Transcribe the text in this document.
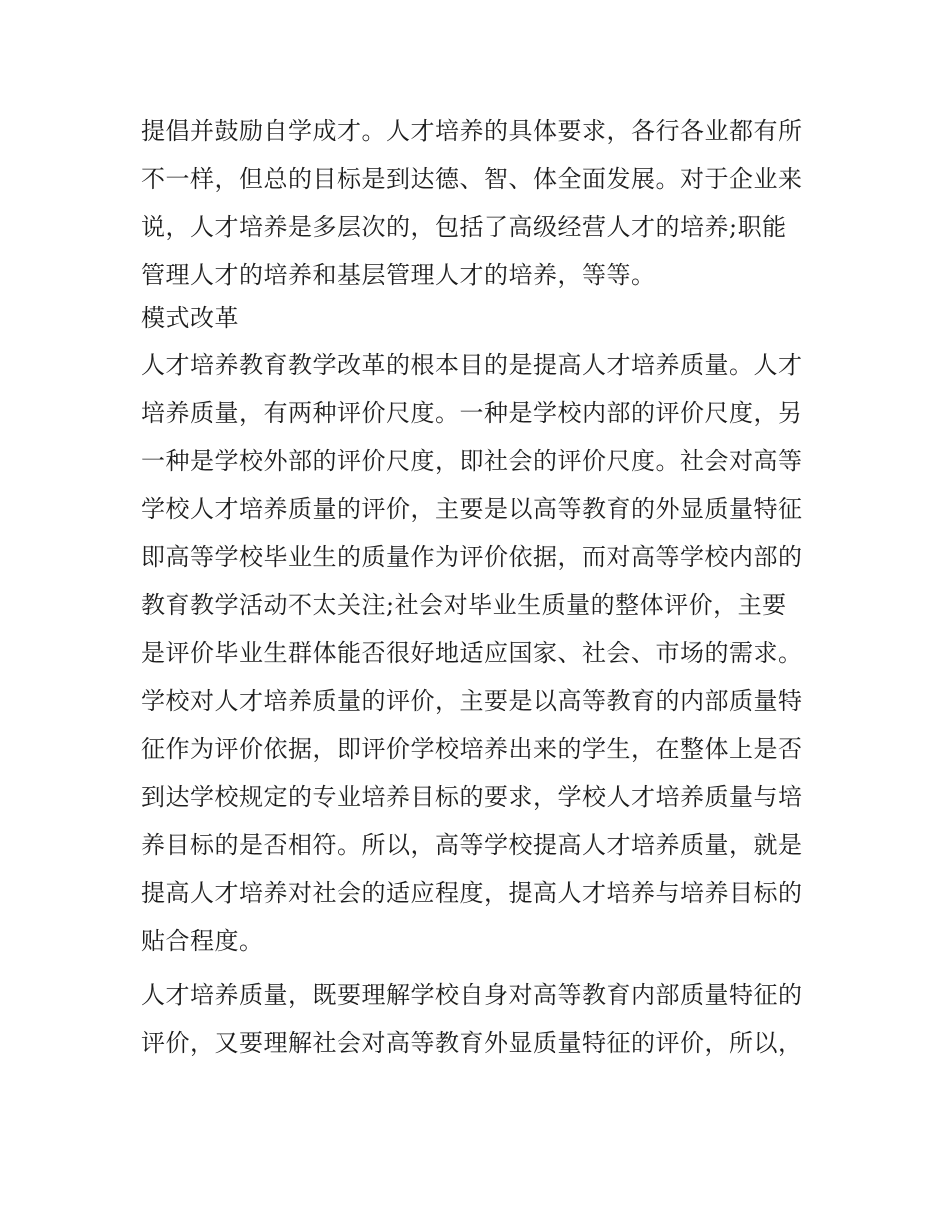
提倡并鼓励自学成才。人才培养的具体要求，各行各业都有所
不一样，但总的目标是到达德、智、体全面发展。对于企业来
说，人才培养是多层次的，包括了高级经营人才的培养;职能
管理人才的培养和基层管理人才的培养，等等。
模式改革
人才培养教育教学改革的根本目的是提高人才培养质量。人才
培养质量，有两种评价尺度。一种是学校内部的评价尺度，另
一种是学校外部的评价尺度，即社会的评价尺度。社会对高等
学校人才培养质量的评价，主要是以高等教育的外显质量特征
即高等学校毕业生的质量作为评价依据，而对高等学校内部的
教育教学活动不太关注;社会对毕业生质量的整体评价，主要
是评价毕业生群体能否很好地适应国家、社会、市场的需求。
学校对人才培养质量的评价，主要是以高等教育的内部质量特
征作为评价依据，即评价学校培养出来的学生，在整体上是否
到达学校规定的专业培养目标的要求，学校人才培养质量与培
养目标的是否相符。所以，高等学校提高人才培养质量，就是
提高人才培养对社会的适应程度，提高人才培养与培养目标的
贴合程度。
人才培养质量，既要理解学校自身对高等教育内部质量特征的
评价，又要理解社会对高等教育外显质量特征的评价，所以，
